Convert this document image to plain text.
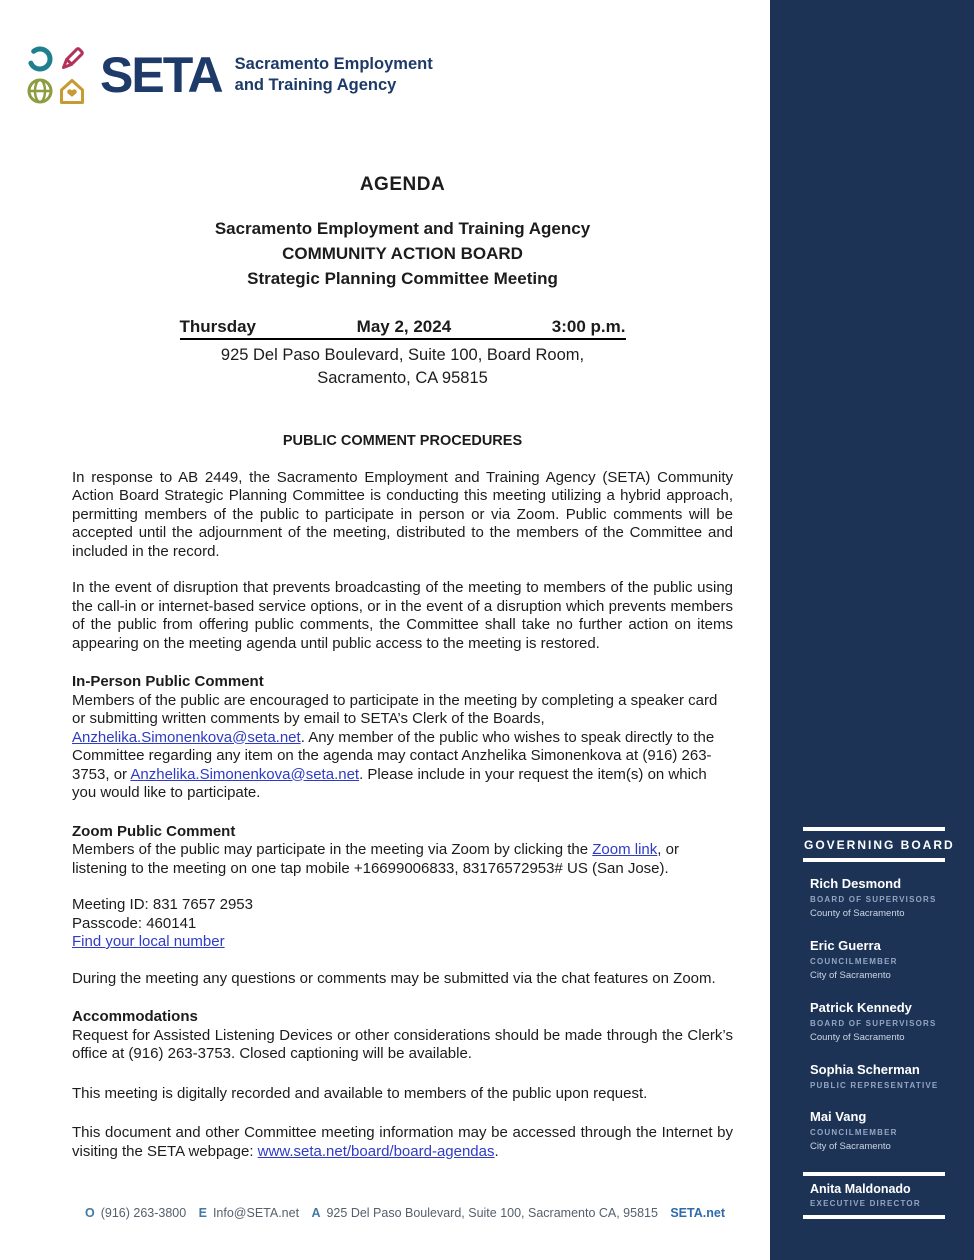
GOVERNING BOARD
Rich Desmond
BOARD OF SUPERVISORS
County of Sacramento
Eric Guerra
COUNCILMEMBER
City of Sacramento
Patrick Kennedy
BOARD OF SUPERVISORS
County of Sacramento
Sophia Scherman
PUBLIC REPRESENTATIVE
Mai Vang
COUNCILMEMBER
City of Sacramento
Anita Maldonado
EXECUTIVE DIRECTOR
SETA Sacramento Employment
and Training Agency
AGENDA
Sacramento Employment and Training Agency
COMMUNITY ACTION BOARD
Strategic Planning Committee Meeting
Thursday	May 2, 2024	3:00 p.m.
925 Del Paso Boulevard, Suite 100, Board Room,
Sacramento, CA 95815
PUBLIC COMMENT PROCEDURES

In response to AB 2449, the Sacramento Employment and Training Agency (SETA) Community Action Board Strategic Planning Committee is conducting this meeting utilizing a hybrid approach, permitting members of the public to participate in person or via Zoom. Public comments will be accepted until the adjournment of the meeting, distributed to the members of the Committee and included in the record.

In the event of disruption that prevents broadcasting of the meeting to members of the public using the call-in or internet-based service options, or in the event of a disruption which prevents members of the public from offering public comments, the Committee shall take no further action on items appearing on the meeting agenda until public access to the meeting is restored.

In-Person Public Comment

Members of the public are encouraged to participate in the meeting by completing a speaker card or submitting written comments by email to SETA’s Clerk of the Boards, Anzhelika.Simonenkova@seta.net. Any member of the public who wishes to speak directly to the Committee regarding any item on the agenda may contact Anzhelika Simonenkova at (916) 263-3753, or Anzhelika.Simonenkova@seta.net. Please include in your request the item(s) on which you would like to participate.

Zoom Public Comment

Members of the public may participate in the meeting via Zoom by clicking the Zoom link, or listening to the meeting on one tap mobile +16699006833, 83176572953# US (San Jose).

Meeting ID: 831 7657 2953
Passcode: 460141
Find your local number

During the meeting any questions or comments may be submitted via the chat features on Zoom.

Accommodations

Request for Assisted Listening Devices or other considerations should be made through the Clerk’s office at (916) 263-3753. Closed captioning will be available.

This meeting is digitally recorded and available to members of the public upon request.

This document and other Committee meeting information may be accessed through the Internet by visiting the SETA webpage: www.seta.net/board/board-agendas.

O (916) 263-3800 E Info@SETA.net A 925 Del Paso Boulevard, Suite 100, Sacramento CA, 95815 SETA.net
